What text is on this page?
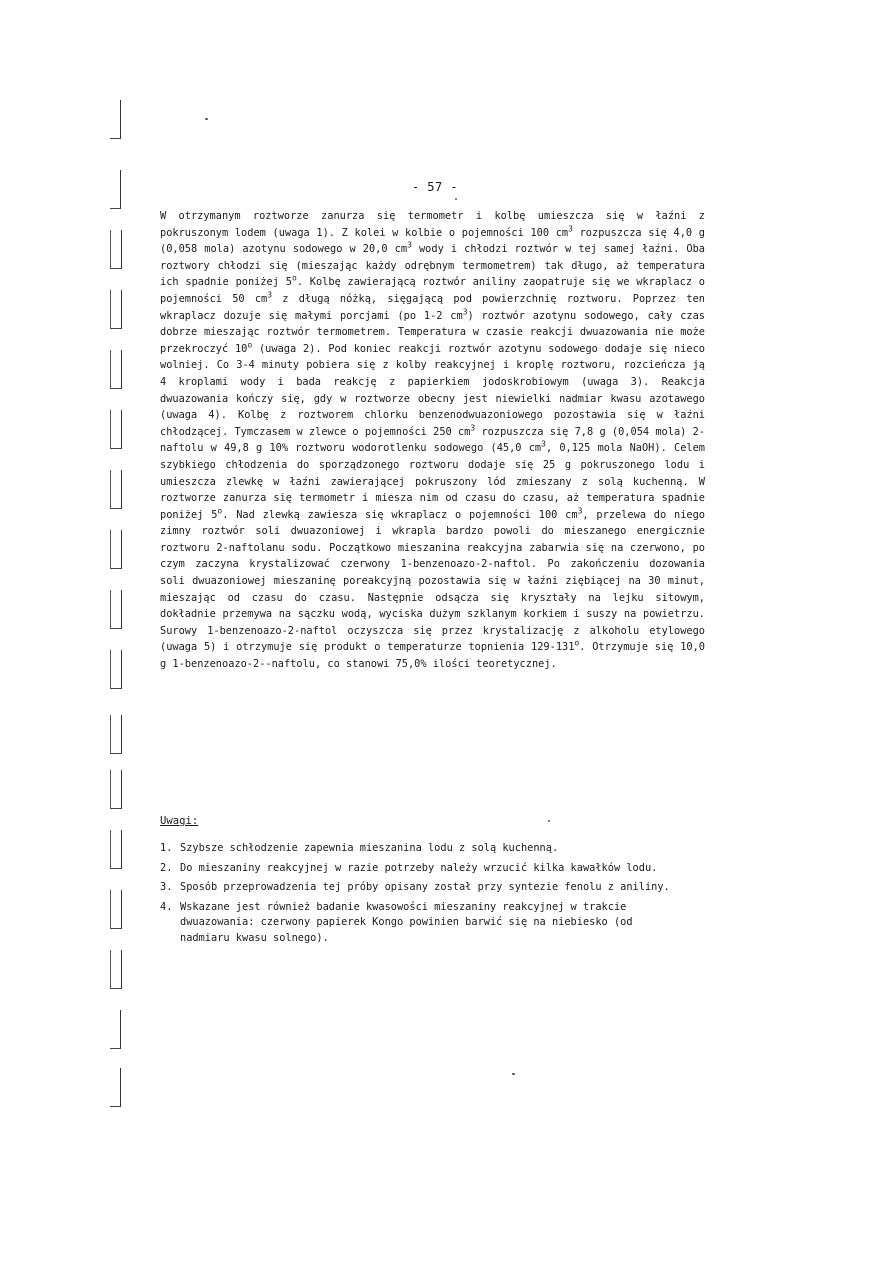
- 57 -
W otrzymanym roztworze zanurza się termometr i kolbę umieszcza się w łaźni z pokruszonym lodem (uwaga 1). Z kolei w kolbie o pojemności 100 $cm^3$ rozpuszcza się 4,0 g (0,058 mola) azotynu sodowego w 20,0 $cm^3$ wody i chłodzi roztwór w tej samej łaźni. Oba roztwory chłodzi się (mieszając każdy odrębnym termometrem) tak długo, aż temperatura ich spadnie poniżej 5$^o$. Kolbę zawierającą roztwór aniliny zaopatruje się we wkraplacz o pojemności 50 $cm^3$ z długą nóżką, sięgającą pod powierzchnię roztworu. Poprzez ten wkraplacz dozuje się małymi porcjami (po 1-2 $cm^3$) roztwór azotynu sodowego, cały czas dobrze mieszając roztwór termometrem. Temperatura w czasie reakcji dwuazowania nie może przekroczyć 10$^o$ (uwaga 2). Pod koniec reakcji roztwór azotynu sodowego dodaje się nieco wolniej. Co 3-4 minuty pobiera się z kolby reakcyjnej i kroplę roztworu, rozcieńcza ją 4 kroplami wody i bada reakcję z papierkiem jodoskrobiowym (uwaga 3). Reakcja dwuazowania kończy się, gdy w roztworze obecny jest niewielki nadmiar kwasu azotawego (uwaga 4). Kolbę z roztworem chlorku benzenodwuazoniowego pozostawia się w łaźni chłodzącej. Tymczasem w zlewce o pojemności 250 $cm^3$ rozpuszcza się 7,8 g (0,054 mola) 2-naftolu w 49,8 g 10% roztworu wodorotlenku sodowego (45,0 $cm^3$, 0,125 mola NaOH). Celem szybkiego chłodzenia do sporządzonego roztworu dodaje się 25 g pokruszonego lodu i umieszcza zlewkę w łaźni zawierającej pokruszony lód zmieszany z solą kuchenną. W roztworze zanurza się termometr i miesza nim od czasu do czasu, aż temperatura spadnie poniżej 5$^o$. Nad zlewką zawiesza się wkraplacz o pojemności 100 $cm^3$, przelewa do niego zimny roztwór soli dwuazoniowej i wkrapla bardzo powoli do mieszanego energicznie roztworu 2-naftolanu sodu. Początkowo mieszanina reakcyjna zabarwia się na czerwono, po czym zaczyna krystalizować czerwony 1-benzenoazo-2-naftol. Po zakończeniu dozowania soli dwuazoniowej mieszaninę poreakcyjną pozostawia się w łaźni ziębiącej na 30 minut, mieszając od czasu do czasu. Następnie odsącza się kryształy na lejku sitowym, dokładnie przemywa na sączku wodą, wyciska dużym szklanym korkiem i suszy na powietrzu. Surowy 1-benzenoazo-2-naftol oczyszcza się przez krystalizację z alkoholu etylowego (uwaga 5) i otrzymuje się produkt o temperaturze topnienia 129-131$^o$. Otrzymuje się 10,0 g 1-benzenoazo-2--naftolu, co stanowi 75,0% ilości teoretycznej.
Uwagi:
1. Szybsze schłodzenie zapewnia mieszanina lodu z solą kuchenną.
2. Do mieszaniny reakcyjnej w razie potrzeby należy wrzucić kilka kawałków lodu.
3. Sposób przeprowadzenia tej próby opisany został przy syntezie fenolu z aniliny.
4. Wskazane jest również badanie kwasowości mieszaniny reakcyjnej w trakcie dwuazowania: czerwony papierek Kongo powinien barwić się na niebiesko (od nadmiaru kwasu solnego).
